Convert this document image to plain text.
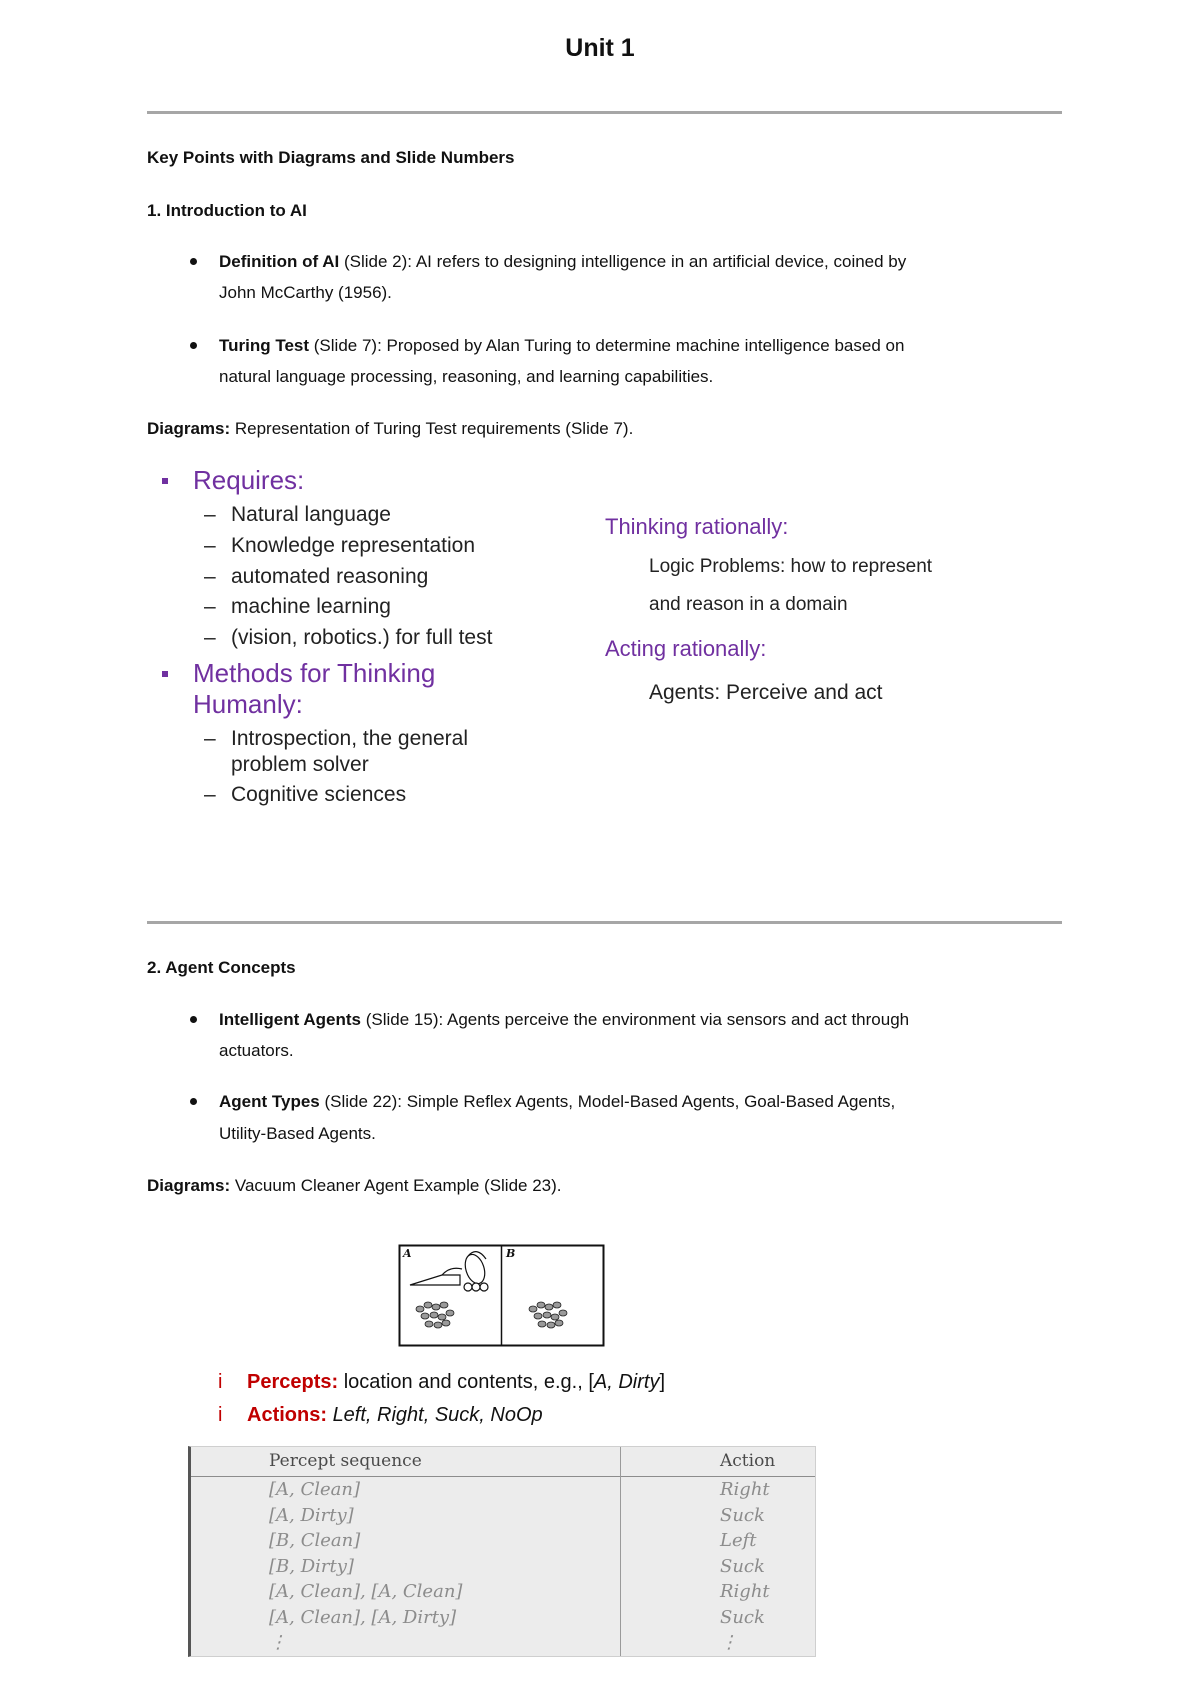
Unit 1
Key Points with Diagrams and Slide Numbers
1. Introduction to AI
Definition of AI (Slide 2): AI refers to designing intelligence in an artificial device, coined by
John McCarthy (1956).
Turing Test (Slide 7): Proposed by Alan Turing to determine machine intelligence based on
natural language processing, reasoning, and learning capabilities.
Diagrams: Representation of Turing Test requirements (Slide 7).
Requires:
– Natural language
– Knowledge representation
– automated reasoning
– machine learning
– (vision, robotics.) for full test
Methods for Thinking Humanly:
– Introspection, the general problem solver
– Cognitive sciences
Thinking rationally:
Logic Problems: how to represent
and reason in a domain
Acting rationally:
Agents: Perceive and act
2. Agent Concepts
Intelligent Agents (Slide 15): Agents perceive the environment via sensors and act through
actuators.
Agent Types (Slide 22): Simple Reflex Agents, Model-Based Agents, Goal-Based Agents,
Utility-Based Agents.
Diagrams: Vacuum Cleaner Agent Example (Slide 23).
A	B
i Percepts: location and contents, e.g., [A, Dirty]
i Actions: Left, Right, Suck, NoOp
Percept sequence	Action
[A, Clean]	Right
[A, Dirty]	Suck
[B, Clean]	Left
[B, Dirty]	Suck
[A, Clean], [A, Clean]	Right
[A, Clean], [A, Dirty]	Suck
⋮	⋮
